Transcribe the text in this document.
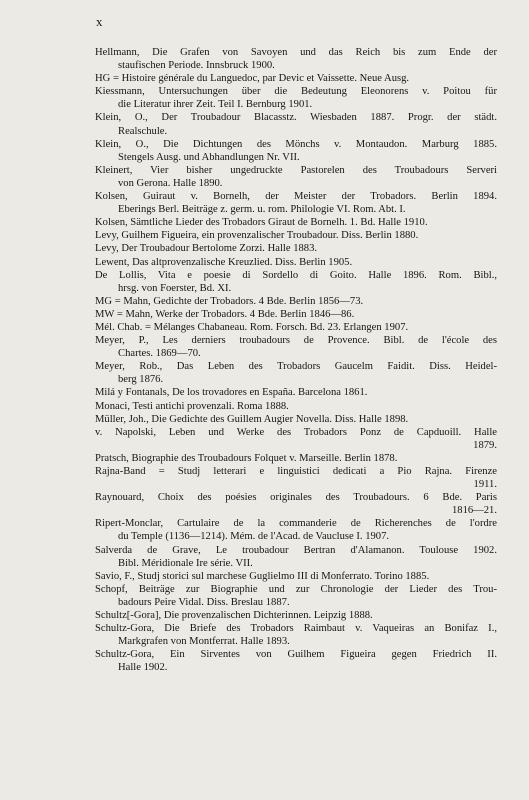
x
Hellmann, Die Grafen von Savoyen und das Reich bis zum Ende der
staufischen Periode. Innsbruck 1900.
HG = Histoire générale du Languedoc, par Devic et Vaissette. Neue Ausg.
Kiessmann, Untersuchungen über die Bedeutung Eleonorens v. Poitou für
die Literatur ihrer Zeit. Teil I. Bernburg 1901.
Klein, O., Der Troubadour Blacasstz. Wiesbaden 1887. Progr. der städt.
Realschule.
Klein, O., Die Dichtungen des Mönchs v. Montaudon. Marburg 1885.
Stengels Ausg. und Abhandlungen Nr. VII.
Kleinert, Vier bisher ungedruckte Pastorelen des Troubadours Serveri
von Gerona. Halle 1890.
Kolsen, Guiraut v. Bornelh, der Meister der Trobadors. Berlin 1894.
Eberings Berl. Beiträge z. germ. u. rom. Philologie VI. Rom. Abt. I.
Kolsen, Sämtliche Lieder des Trobadors Giraut de Bornelh. 1. Bd. Halle 1910.
Levy, Guilhem Figueira, ein provenzalischer Troubadour. Diss. Berlin 1880.
Levy, Der Troubadour Bertolome Zorzi. Halle 1883.
Lewent, Das altprovenzalische Kreuzlied. Diss. Berlin 1905.
De Lollis, Vita e poesie di Sordello di Goito. Halle 1896. Rom. Bibl.,
hrsg. von Foerster, Bd. XI.
MG = Mahn, Gedichte der Trobadors. 4 Bde. Berlin 1856—73.
MW = Mahn, Werke der Trobadors. 4 Bde. Berlin 1846—86.
Mél. Chab. = Mélanges Chabaneau. Rom. Forsch. Bd. 23. Erlangen 1907.
Meyer, P., Les derniers troubadours de Provence. Bibl. de l'école des
Chartes. 1869—70.
Meyer, Rob., Das Leben des Trobadors Gaucelm Faidit. Diss. Heidel-
berg 1876.
Milá y Fontanals, De los trovadores en España. Barcelona 1861.
Monaci, Testi antichi provenzali. Roma 1888.
Müller, Joh., Die Gedichte des Guillem Augier Novella. Diss. Halle 1898.
v. Napolski, Leben und Werke des Trobadors Ponz de Capduoill. Halle
1879.
Pratsch, Biographie des Troubadours Folquet v. Marseille. Berlin 1878.
Rajna-Band = Studj letterari e linguistici dedicati a Pio Rajna. Firenze
1911.
Raynouard, Choix des poésies originales des Troubadours. 6 Bde. Paris
1816—21.
Ripert-Monclar, Cartulaire de la commanderie de Richerenches de l'ordre
du Temple (1136—1214). Mém. de l'Acad. de Vaucluse I. 1907.
Salverda de Grave, Le troubadour Bertran d'Alamanon. Toulouse 1902.
Bibl. Méridionale Ire série. VII.
Savio, F., Studj storici sul marchese Guglielmo III di Monferrato. Torino 1885.
Schopf, Beiträge zur Biographie und zur Chronologie der Lieder des Trou-
badours Peire Vidal. Diss. Breslau 1887.
Schultz[-Gora], Die provenzalischen Dichterinnen. Leipzig 1888.
Schultz-Gora, Die Briefe des Trobadors Raimbaut v. Vaqueiras an Bonifaz I.,
Markgrafen von Montferrat. Halle 1893.
Schultz-Gora, Ein Sirventes von Guilhem Figueira gegen Friedrich II.
Halle 1902.
